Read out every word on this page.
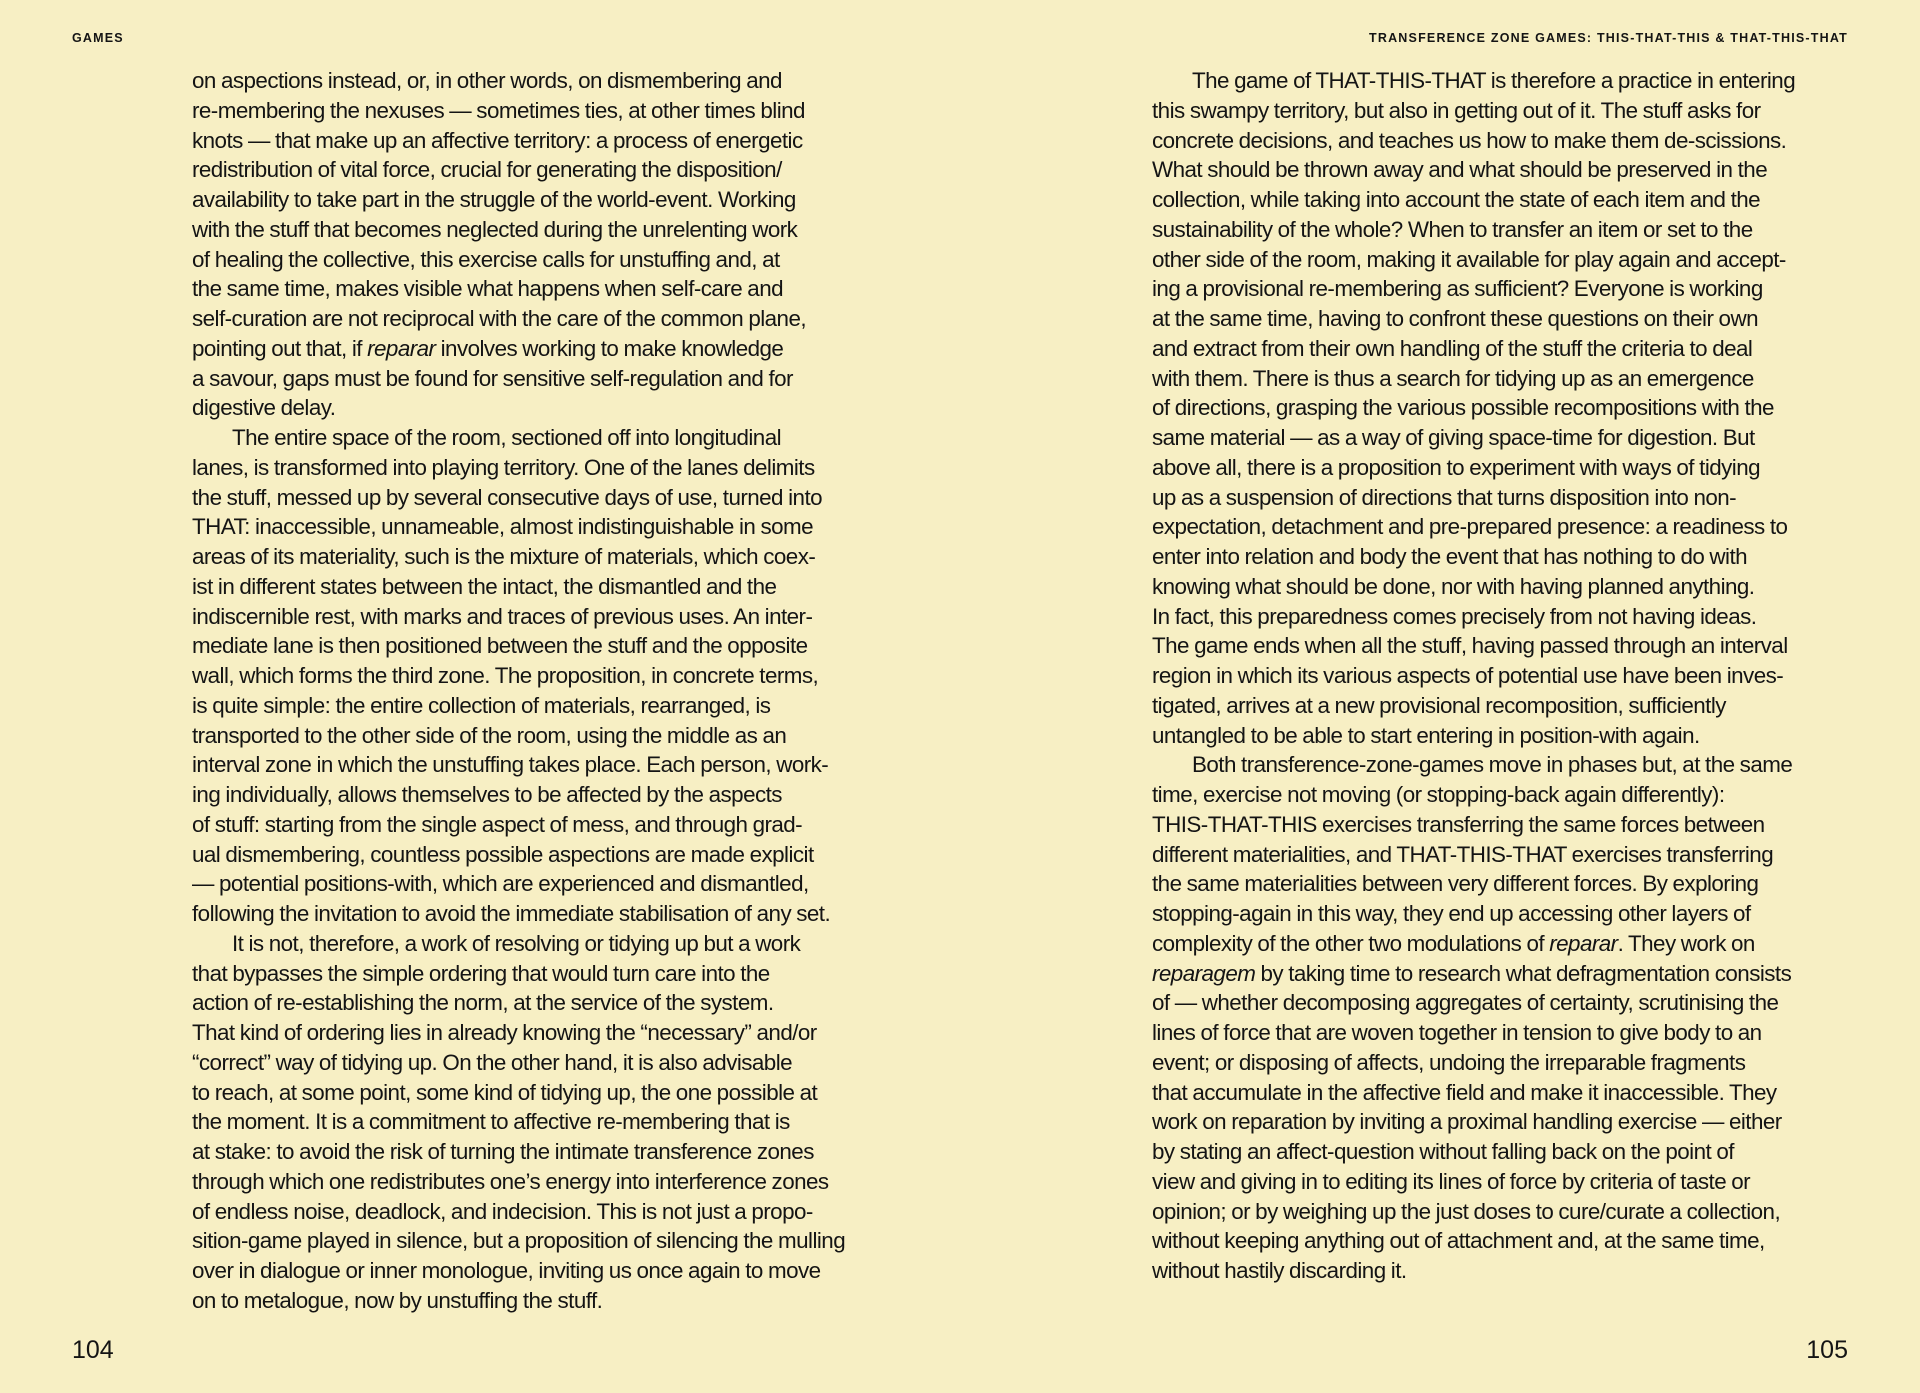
GAMES
on aspections instead, or, in other words, on dismembering and
re-membering the nexuses — sometimes ties, at other times blind
knots — that make up an affective territory: a process of energetic
redistribution of vital force, crucial for generating the disposition/
availability to take part in the struggle of the world-event. Working
with the stuff that becomes neglected during the unrelenting work
of healing the collective, this exercise calls for unstuffing and, at
the same time, makes visible what happens when self-care and
self-curation are not reciprocal with the care of the common plane,
pointing out that, if reparar involves working to make knowledge
a savour, gaps must be found for sensitive self-regulation and for
digestive delay.
The entire space of the room, sectioned off into longitudinal
lanes, is transformed into playing territory. One of the lanes delimits
the stuff, messed up by several consecutive days of use, turned into
THAT: inaccessible, unnameable, almost indistinguishable in some
areas of its materiality, such is the mixture of materials, which coex-
ist in different states between the intact, the dismantled and the
indiscernible rest, with marks and traces of previous uses. An inter-
mediate lane is then positioned between the stuff and the opposite
wall, which forms the third zone. The proposition, in concrete terms,
is quite simple: the entire collection of materials, rearranged, is
transported to the other side of the room, using the middle as an
interval zone in which the unstuffing takes place. Each person, work-
ing individually, allows themselves to be affected by the aspects
of stuff: starting from the single aspect of mess, and through grad-
ual dismembering, countless possible aspections are made explicit
— potential positions-with, which are experienced and dismantled,
following the invitation to avoid the immediate stabilisation of any set.
It is not, therefore, a work of resolving or tidying up but a work
that bypasses the simple ordering that would turn care into the
action of re-establishing the norm, at the service of the system.
That kind of ordering lies in already knowing the “necessary” and/or
“correct” way of tidying up. On the other hand, it is also advisable
to reach, at some point, some kind of tidying up, the one possible at
the moment. It is a commitment to affective re-membering that is
at stake: to avoid the risk of turning the intimate transference zones
through which one redistributes one’s energy into interference zones
of endless noise, deadlock, and indecision. This is not just a propo-
sition-game played in silence, but a proposition of silencing the mulling
over in dialogue or inner monologue, inviting us once again to move
on to metalogue, now by unstuffing the stuff.
104
TRANSFERENCE ZONE GAMES: THIS-THAT-THIS & THAT-THIS-THAT
The game of THAT-THIS-THAT is therefore a practice in entering
this swampy territory, but also in getting out of it. The stuff asks for
concrete decisions, and teaches us how to make them de-scissions.
What should be thrown away and what should be preserved in the
collection, while taking into account the state of each item and the
sustainability of the whole? When to transfer an item or set to the
other side of the room, making it available for play again and accept-
ing a provisional re-membering as sufficient? Everyone is working
at the same time, having to confront these questions on their own
and extract from their own handling of the stuff the criteria to deal
with them. There is thus a search for tidying up as an emergence
of directions, grasping the various possible recompositions with the
same material — as a way of giving space-time for digestion. But
above all, there is a proposition to experiment with ways of tidying
up as a suspension of directions that turns disposition into non-
expectation, detachment and pre-prepared presence: a readiness to
enter into relation and body the event that has nothing to do with
knowing what should be done, nor with having planned anything.
In fact, this preparedness comes precisely from not having ideas.
The game ends when all the stuff, having passed through an interval
region in which its various aspects of potential use have been inves-
tigated, arrives at a new provisional recomposition, sufficiently
untangled to be able to start entering in position-with again.
Both transference-zone-games move in phases but, at the same
time, exercise not moving (or stopping-back again differently):
THIS-THAT-THIS exercises transferring the same forces between
different materialities, and THAT-THIS-THAT exercises transferring
the same materialities between very different forces. By exploring
stopping-again in this way, they end up accessing other layers of
complexity of the other two modulations of reparar. They work on
reparagem by taking time to research what defragmentation consists
of — whether decomposing aggregates of certainty, scrutinising the
lines of force that are woven together in tension to give body to an
event; or disposing of affects, undoing the irreparable fragments
that accumulate in the affective field and make it inaccessible. They
work on reparation by inviting a proximal handling exercise — either
by stating an affect-question without falling back on the point of
view and giving in to editing its lines of force by criteria of taste or
opinion; or by weighing up the just doses to cure/curate a collection,
without keeping anything out of attachment and, at the same time,
without hastily discarding it.
105
